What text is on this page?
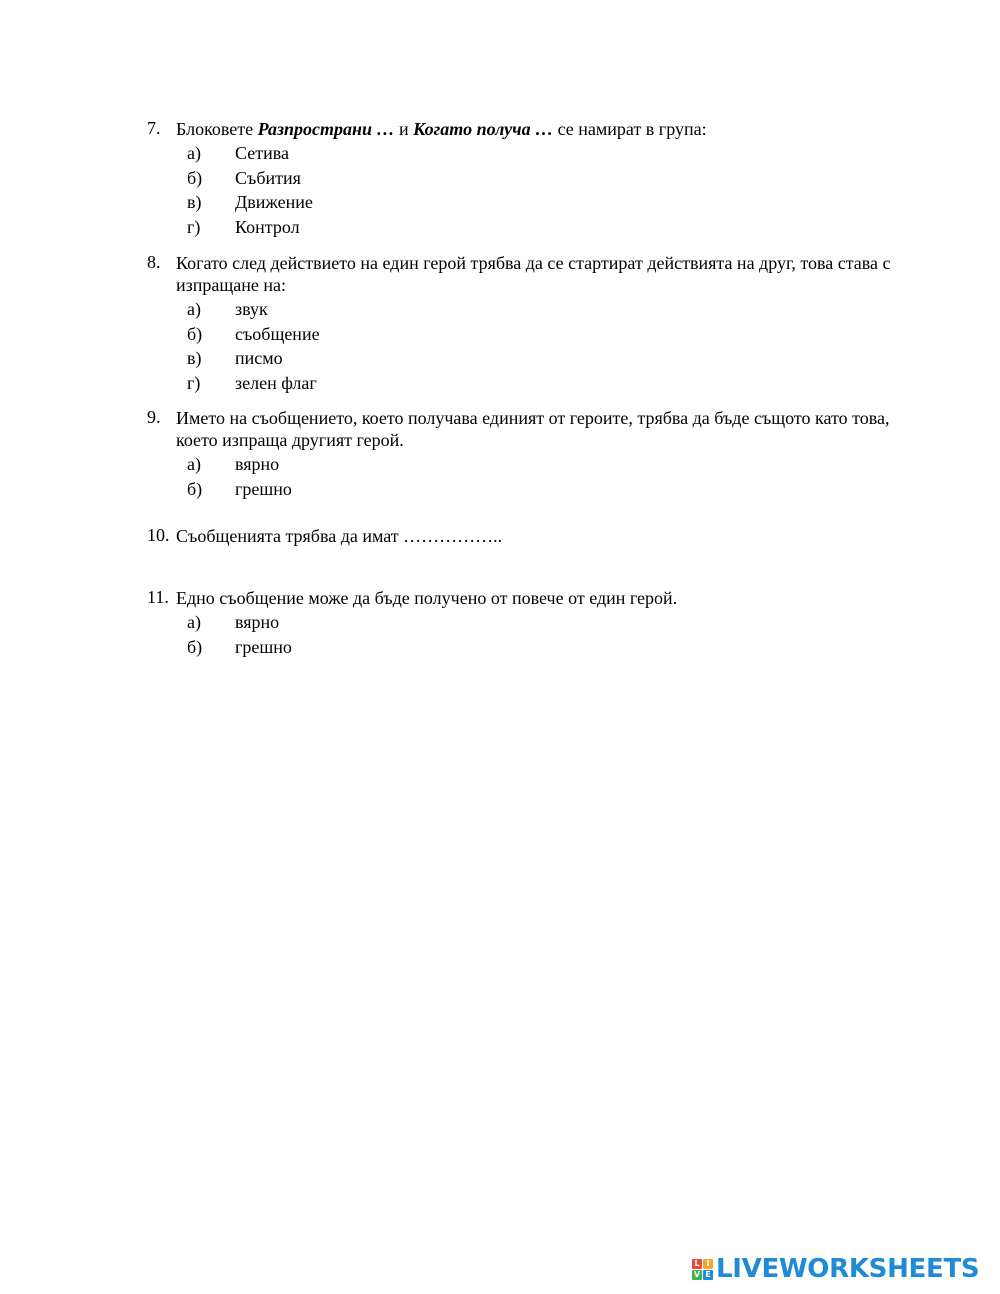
7. Блоковете Разпространи … и Когато получа … се намират в група:
а) Сетива
б) Събития
в) Движение
г) Контрол
8. Когато след действието на един герой трябва да се стартират действията на друг, това става с изпращане на:
а) звук
б) съобщение
в) писмо
г) зелен флаг
9. Името на съобщението, което получава единият от героите, трябва да бъде същото като това, което изпраща другият герой.
а) вярно
б) грешно
10. Съобщенията трябва да имат ……………..
11. Едно съобщение може да бъде получено от повече от един герой.
а) вярно
б) грешно
L I
V E LIVEWORKSHEETS
